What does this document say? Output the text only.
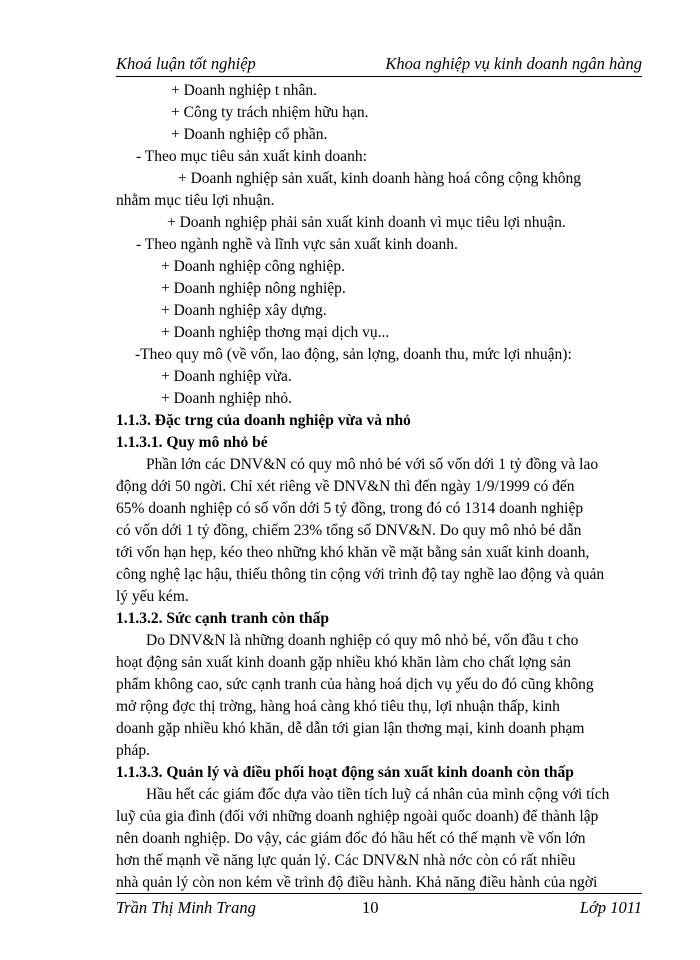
Khoá luận tốt nghiệp	Khoa nghiệp vụ kinh doanh ngân hàng
+ Doanh nghiệp t nhân.
+ Công ty trách nhiệm hữu hạn.
+ Doanh nghiệp cổ phần.
- Theo mục tiêu sản xuất kinh doanh:
+ Doanh nghiệp sản xuất, kinh doanh hàng hoá công cộng không
nhằm mục tiêu lợi nhuận.
+ Doanh nghiệp phải sản xuất kinh doanh vì mục tiêu lợi nhuận.
- Theo ngành nghề và lĩnh vực sản xuất kinh doanh.
+ Doanh nghiệp công nghiệp.
+ Doanh nghiệp nông nghiệp.
+ Doanh nghiệp xây dựng.
+ Doanh nghiệp thơng mại dịch vụ...
-Theo quy mô (về vốn, lao động, sản lợng, doanh thu, mức lợi nhuận):
+ Doanh nghiệp vừa.
+ Doanh nghiệp nhỏ.
1.1.3. Đặc trng của doanh nghiệp vừa và nhỏ
1.1.3.1. Quy mô nhỏ bé
Phần lớn các DNV&N có quy mô nhỏ bé với số vốn dới 1 tỷ đồng và lao
động dới 50 ngời. Chỉ xét riêng về DNV&N thì đến ngày 1/9/1999 có đến
65% doanh nghiệp có số vốn dới 5 tỷ đồng, trong đó có 1314 doanh nghiệp
có vốn dới 1 tỷ đồng, chiếm 23% tổng số DNV&N. Do quy mô nhỏ bé dẫn
tới vốn hạn hẹp, kéo theo những khó khăn về mặt bằng sản xuất kinh doanh,
công nghệ lạc hậu, thiếu thông tin cộng với trình độ tay nghề lao động và quản
lý yếu kém.
1.1.3.2. Sức cạnh tranh còn thấp
Do DNV&N là những doanh nghiệp có quy mô nhỏ bé, vốn đầu t cho
hoạt động sản xuất kinh doanh gặp nhiều khó khăn làm cho chất lợng sản
phẩm không cao, sức cạnh tranh của hàng hoá dịch vụ yếu do đó cũng không
mở rộng đợc thị trờng, hàng hoá càng khó tiêu thụ, lợi nhuận thấp, kinh
doanh gặp nhiều khó khăn, dễ dẫn tới gian lận thơng mại, kinh doanh phạm
pháp.
1.1.3.3. Quản lý và điều phối hoạt động sản xuất kinh doanh còn thấp
Hầu hết các giám đốc dựa vào tiền tích luỹ cá nhân của mình cộng với tích
luỹ của gia đình (đối với những doanh nghiệp ngoài quốc doanh) để thành lập
nên doanh nghiệp. Do vậy, các giám đốc đó hầu hết có thế mạnh về vốn lớn
hơn thế mạnh về năng lực quản lý. Các DNV&N nhà nớc còn có rất nhiều
nhà quản lý còn non kém về trình độ điều hành. Khả năng điều hành của ngời
Trần Thị Minh Trang	10	Lớp 1011
